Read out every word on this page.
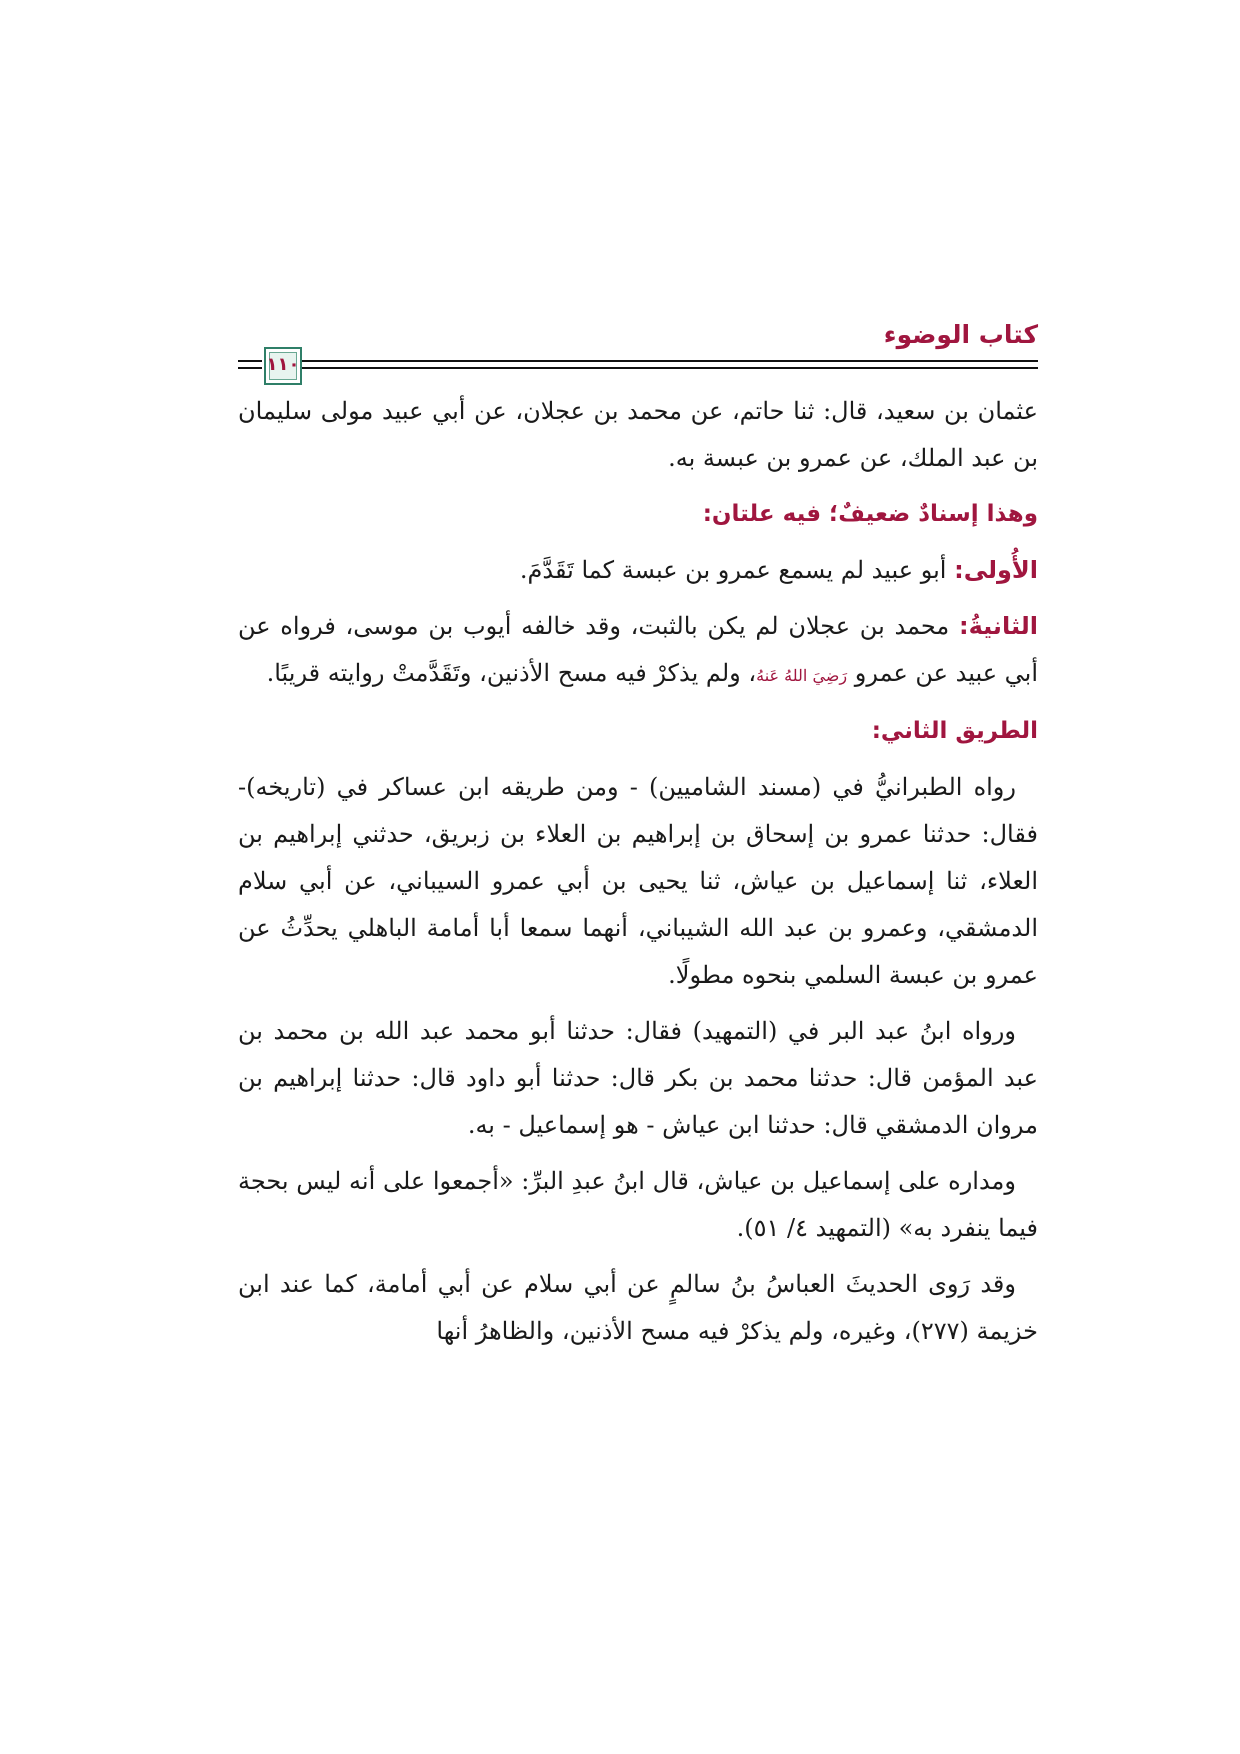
كتاب الوضوء
١١٠

عثمان بن سعيد، قال: ثنا حاتم، عن محمد بن عجلان، عن أبي عبيد مولى سليمان بن عبد الملك، عن عمرو بن عبسة به.

وهذا إسنادٌ ضعيفٌ؛ فيه علتان:

الأُولى: أبو عبيد لم يسمع عمرو بن عبسة كما تَقَدَّمَ.

الثانيةُ: محمد بن عجلان لم يكن بالثبت، وقد خالفه أيوب بن موسى، فرواه عن أبي عبيد عن عمرو رَضِيَ اللهُ عَنهُ، ولم يذكرْ فيه مسح الأذنين، وتَقَدَّمتْ روايته قريبًا.

الطريق الثاني:

رواه الطبرانيُّ في (مسند الشاميين) - ومن طريقه ابن عساكر في (تاريخه)- فقال: حدثنا عمرو بن إسحاق بن إبراهيم بن العلاء بن زبريق، حدثني إبراهيم بن العلاء، ثنا إسماعيل بن عياش، ثنا يحيى بن أبي عمرو السيباني، عن أبي سلام الدمشقي، وعمرو بن عبد الله الشيباني، أنهما سمعا أبا أمامة الباهلي يحدِّثُ عن عمرو بن عبسة السلمي بنحوه مطولًا.

ورواه ابنُ عبد البر في (التمهيد) فقال: حدثنا أبو محمد عبد الله بن محمد بن عبد المؤمن قال: حدثنا محمد بن بكر قال: حدثنا أبو داود قال: حدثنا إبراهيم بن مروان الدمشقي قال: حدثنا ابن عياش - هو إسماعيل - به.

ومداره على إسماعيل بن عياش، قال ابنُ عبدِ البرِّ: «أجمعوا على أنه ليس بحجة فيما ينفرد به» (التمهيد ٤/ ٥١).

وقد رَوى الحديثَ العباسُ بنُ سالمٍ عن أبي سلام عن أبي أمامة، كما عند ابن خزيمة (٢٧٧)، وغيره، ولم يذكرْ فيه مسح الأذنين، والظاهرُ أنها
